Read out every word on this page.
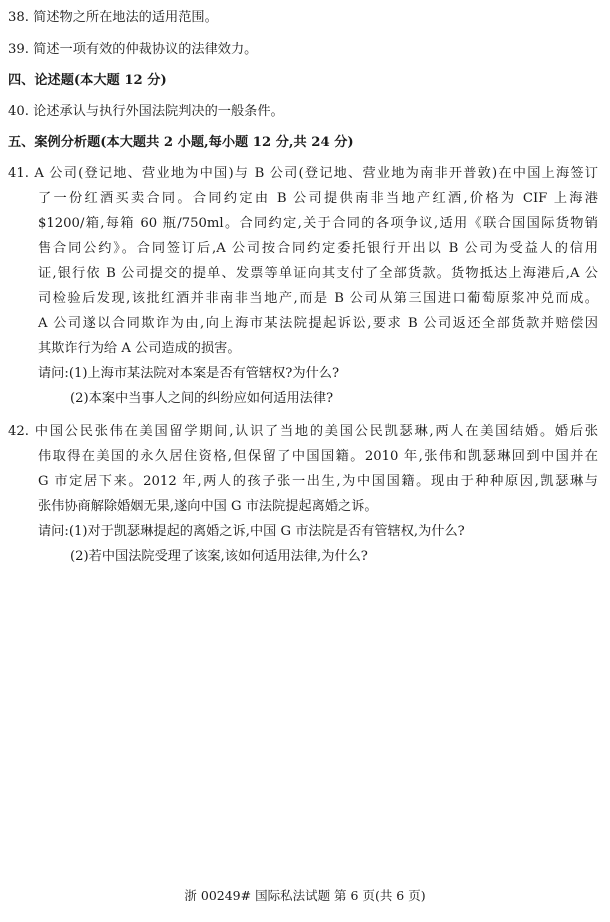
38. 简述物之所在地法的适用范围。
39. 简述一项有效的仲裁协议的法律效力。
四、论述题(本大题 12 分)
40. 论述承认与执行外国法院判决的一般条件。
五、案例分析题(本大题共 2 小题,每小题 12 分,共 24 分)
41. A 公司(登记地、营业地为中国)与 B 公司(登记地、营业地为南非开普敦)在中国上海签订
了一份红酒买卖合同。合同约定由 B 公司提供南非当地产红酒,价格为 CIF 上海港
$1200/箱,每箱 60 瓶/750ml。合同约定,关于合同的各项争议,适用《联合国国际货物销
售合同公约》。合同签订后,A 公司按合同约定委托银行开出以 B 公司为受益人的信用
证,银行依 B 公司提交的提单、发票等单证向其支付了全部货款。货物抵达上海港后,A 公
司检验后发现,该批红酒并非南非当地产,而是 B 公司从第三国进口葡萄原浆冲兑而成。
A 公司遂以合同欺诈为由,向上海市某法院提起诉讼,要求 B 公司返还全部货款并赔偿因
其欺诈行为给 A 公司造成的损害。
请问:(1)上海市某法院对本案是否有管辖权?为什么?
(2)本案中当事人之间的纠纷应如何适用法律?
42. 中国公民张伟在美国留学期间,认识了当地的美国公民凯瑟琳,两人在美国结婚。婚后张
伟取得在美国的永久居住资格,但保留了中国国籍。2010 年,张伟和凯瑟琳回到中国并在
G 市定居下来。2012 年,两人的孩子张一出生,为中国国籍。现由于种种原因,凯瑟琳与
张伟协商解除婚姻无果,遂向中国 G 市法院提起离婚之诉。
请问:(1)对于凯瑟琳提起的离婚之诉,中国 G 市法院是否有管辖权,为什么?
(2)若中国法院受理了该案,该如何适用法律,为什么?
浙 00249# 国际私法试题 第 6 页(共 6 页)
